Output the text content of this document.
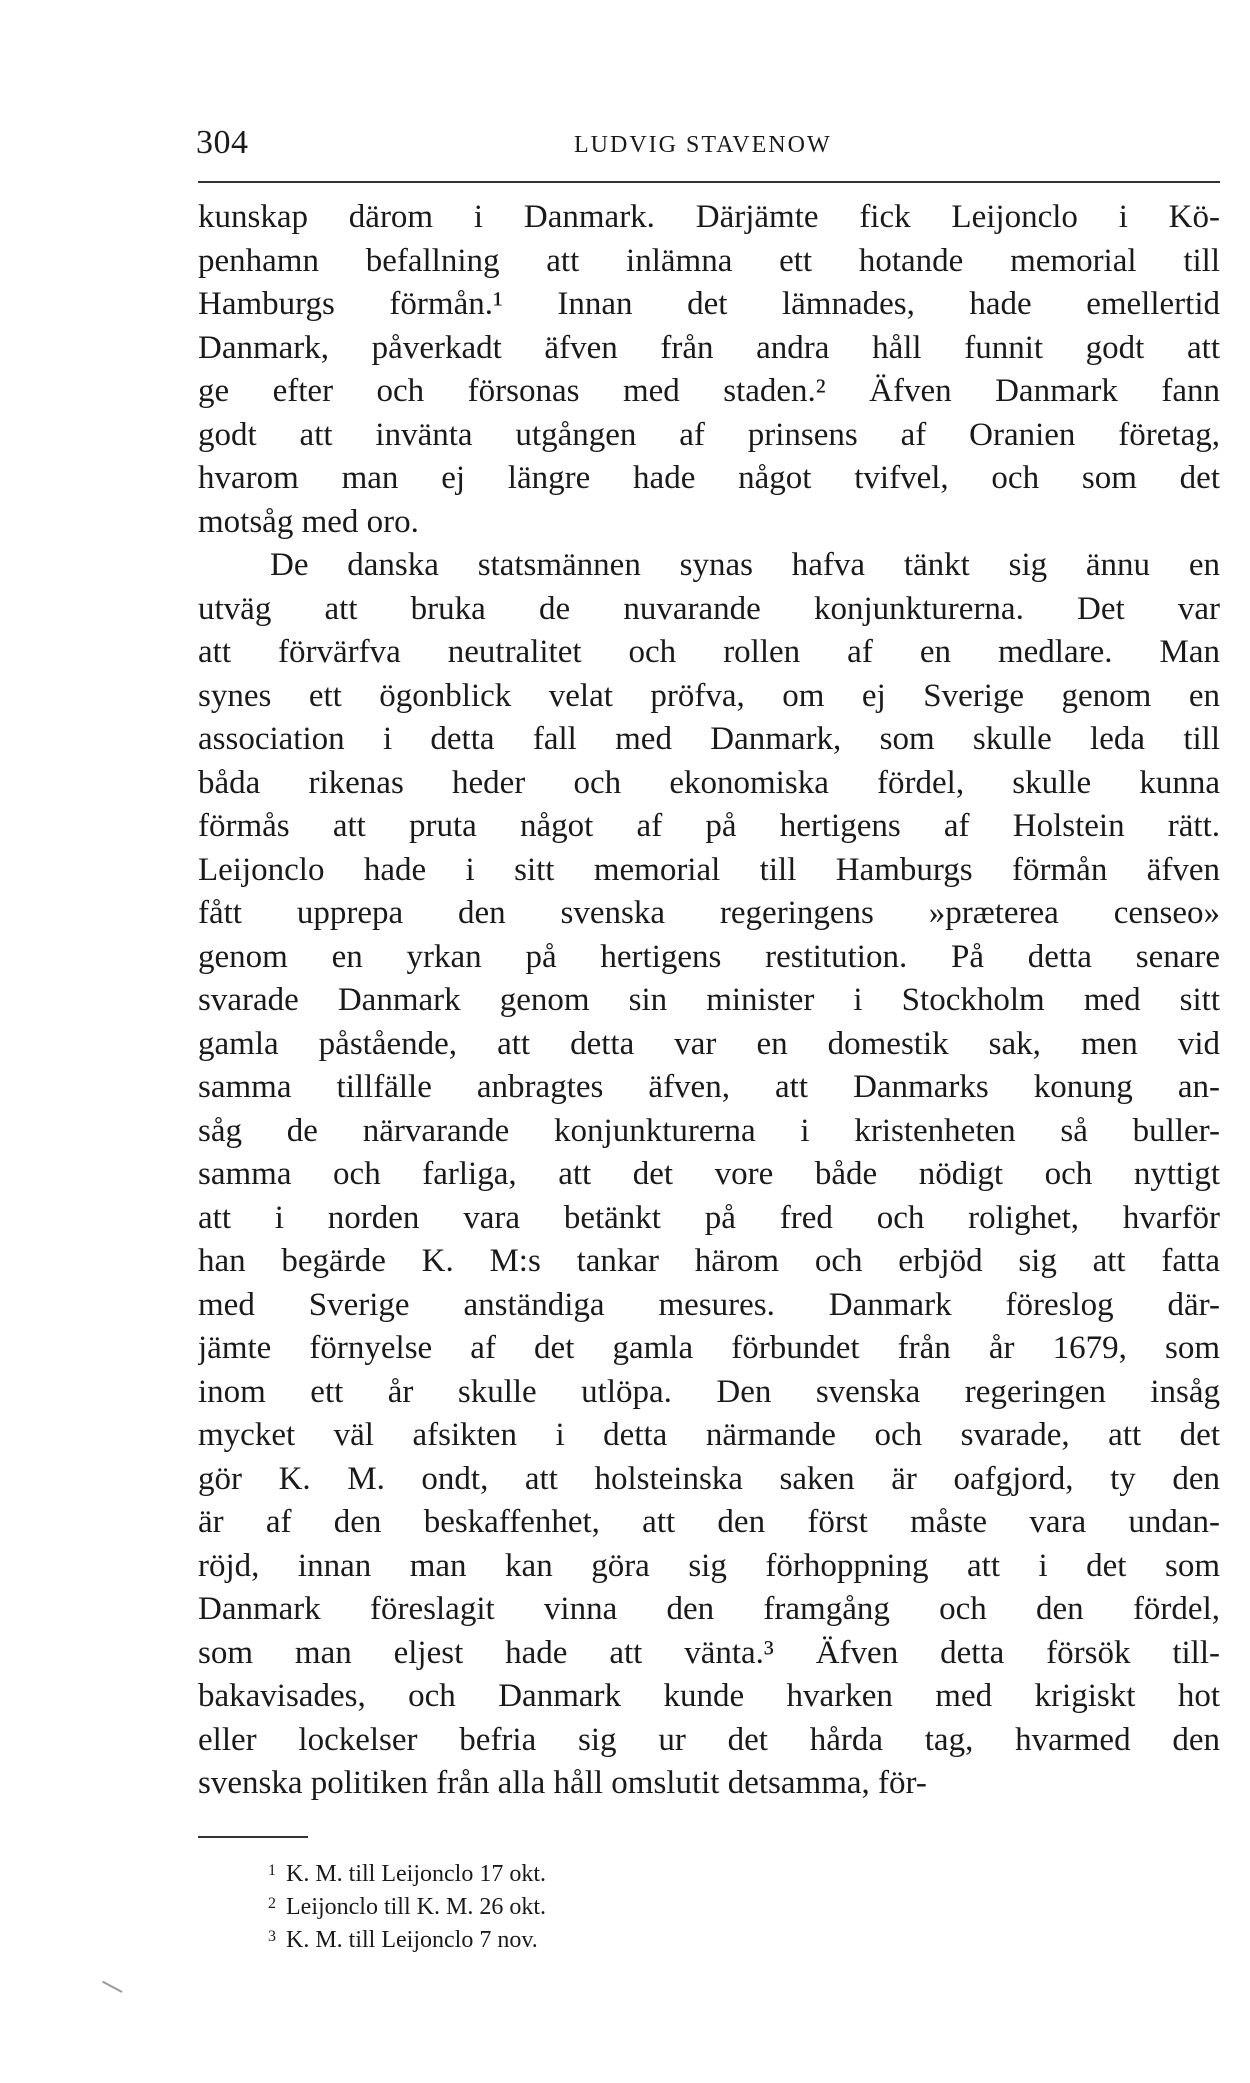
304	LUDVIG STAVENOW
kunskap därom i Danmark. Därjämte fick Leijonclo i Kö-
penhamn befallning att inlämna ett hotande memorial till
Hamburgs förmån.¹ Innan det lämnades, hade emellertid
Danmark, påverkadt äfven från andra håll funnit godt att
ge efter och försonas med staden.² Äfven Danmark fann
godt att invänta utgången af prinsens af Oranien företag,
hvarom man ej längre hade något tvifvel, och som det
motsåg med oro.
De danska statsmännen synas hafva tänkt sig ännu en
utväg att bruka de nuvarande konjunkturerna. Det var
att förvärfva neutralitet och rollen af en medlare. Man
synes ett ögonblick velat pröfva, om ej Sverige genom en
association i detta fall med Danmark, som skulle leda till
båda rikenas heder och ekonomiska fördel, skulle kunna
förmås att pruta något af på hertigens af Holstein rätt.
Leijonclo hade i sitt memorial till Hamburgs förmån äfven
fått upprepa den svenska regeringens »præterea censeo»
genom en yrkan på hertigens restitution. På detta senare
svarade Danmark genom sin minister i Stockholm med sitt
gamla påstående, att detta var en domestik sak, men vid
samma tillfälle anbragtes äfven, att Danmarks konung an-
såg de närvarande konjunkturerna i kristenheten så buller-
samma och farliga, att det vore både nödigt och nyttigt
att i norden vara betänkt på fred och rolighet, hvarför
han begärde K. M:s tankar härom och erbjöd sig att fatta
med Sverige anständiga mesures. Danmark föreslog där-
jämte förnyelse af det gamla förbundet från år 1679, som
inom ett år skulle utlöpa. Den svenska regeringen insåg
mycket väl afsikten i detta närmande och svarade, att det
gör K. M. ondt, att holsteinska saken är oafgjord, ty den
är af den beskaffenhet, att den först måste vara undan-
röjd, innan man kan göra sig förhoppning att i det som
Danmark föreslagit vinna den framgång och den fördel,
som man eljest hade att vänta.³ Äfven detta försök till-
bakavisades, och Danmark kunde hvarken med krigiskt hot
eller lockelser befria sig ur det hårda tag, hvarmed den
svenska politiken från alla håll omslutit detsamma, för-
$^1$ K. M. till Leijonclo 17 okt.
$^2$ Leijonclo till K. M. 26 okt.
$^3$ K. M. till Leijonclo 7 nov.
